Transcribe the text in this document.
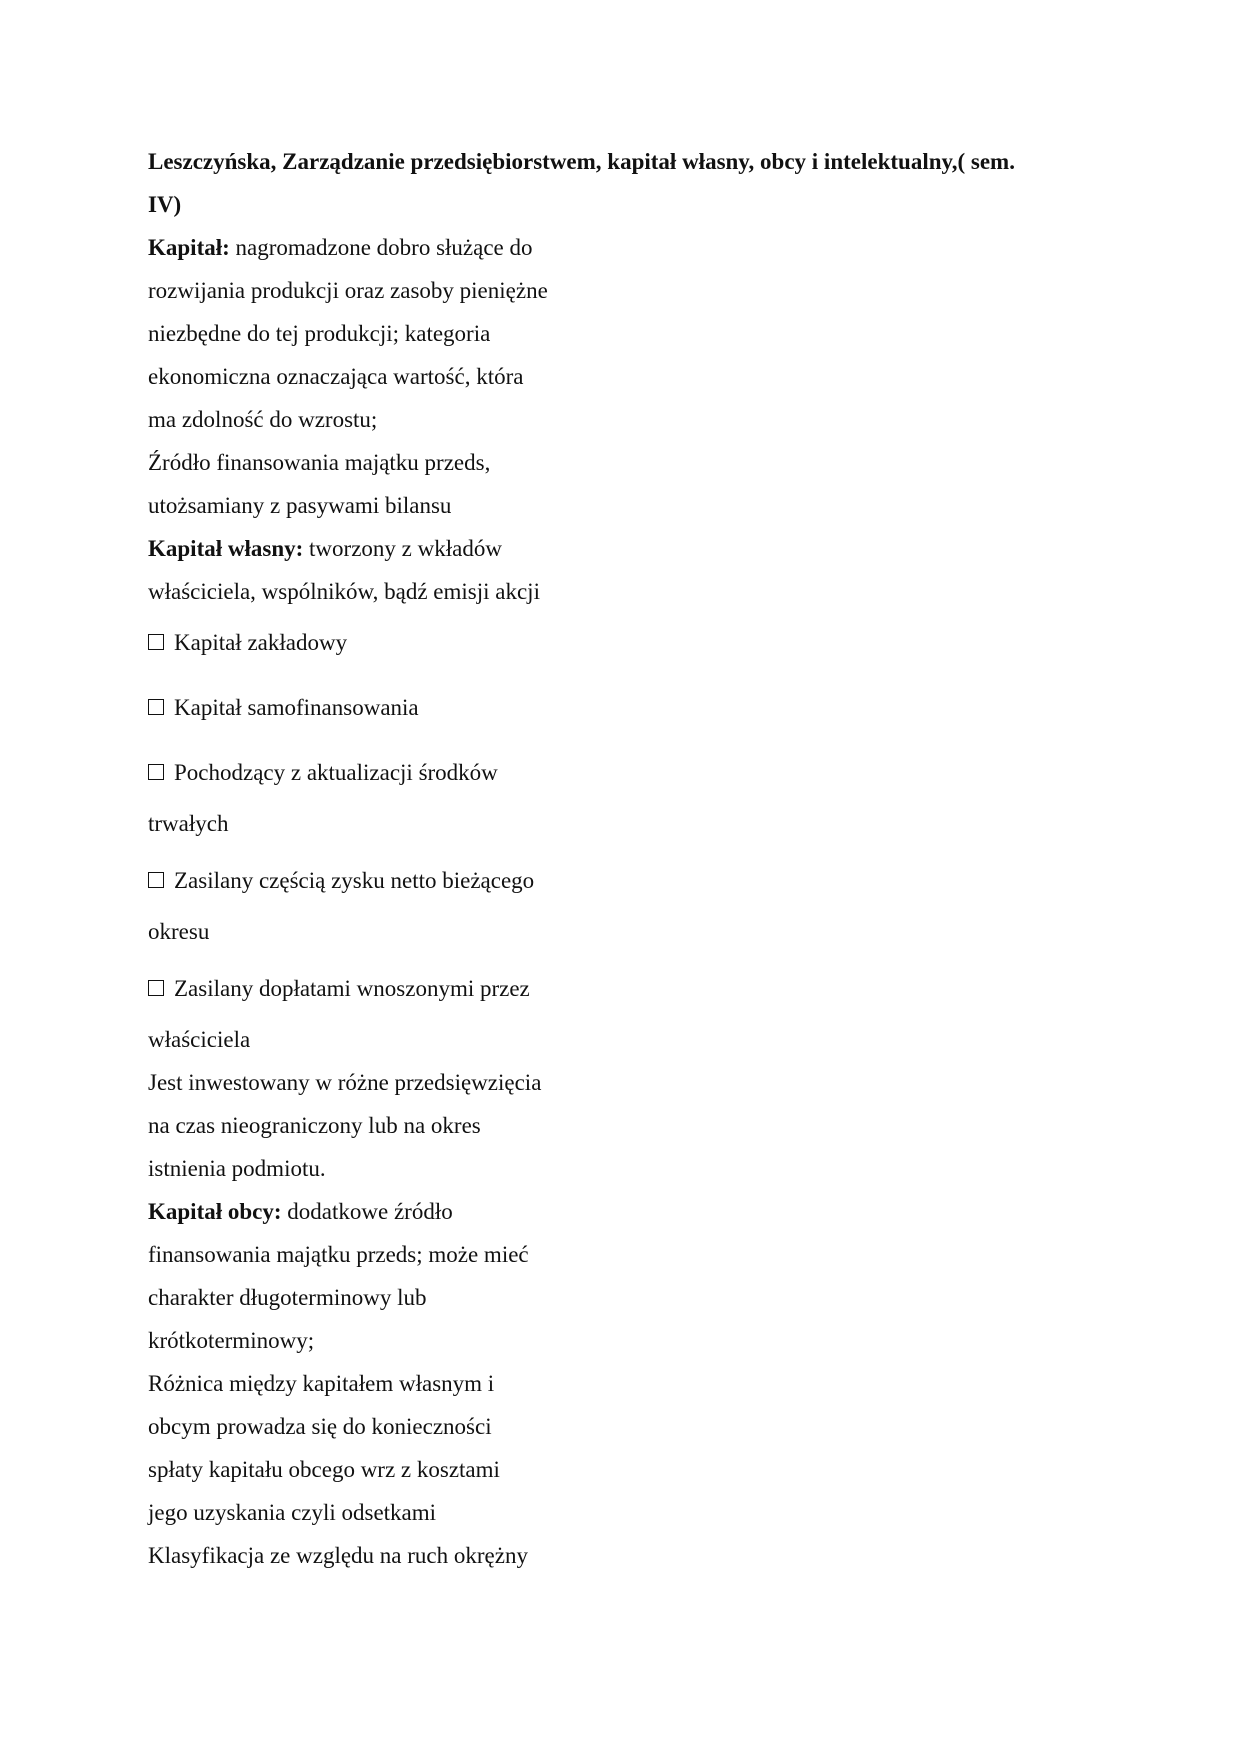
Leszczyńska, Zarządzanie przedsiębiorstwem, kapitał własny, obcy i intelektualny,( sem.
IV)

Kapitał: nagromadzone dobro służące do

rozwijania produkcji oraz zasoby pieniężne

niezbędne do tej produkcji; kategoria

ekonomiczna oznaczająca wartość, która

ma zdolność do wzrostu;

Źródło finansowania majątku przeds,

utożsamiany z pasywami bilansu

Kapitał własny: tworzony z wkładów

właściciela, wspólników, bądź emisji akcji

Kapitał zakładowy
Kapitał samofinansowania
Pochodzący z aktualizacji środków

trwałych

Zasilany częścią zysku netto bieżącego

okresu

Zasilany dopłatami wnoszonymi przez

właściciela

Jest inwestowany w różne przedsięwzięcia

na czas nieograniczony lub na okres

istnienia podmiotu.

Kapitał obcy: dodatkowe źródło

finansowania majątku przeds; może mieć

charakter długoterminowy lub

krótkoterminowy;

Różnica między kapitałem własnym i

obcym prowadza się do konieczności

spłaty kapitału obcego wrz z kosztami

jego uzyskania czyli odsetkami

Klasyfikacja ze względu na ruch okrężny
